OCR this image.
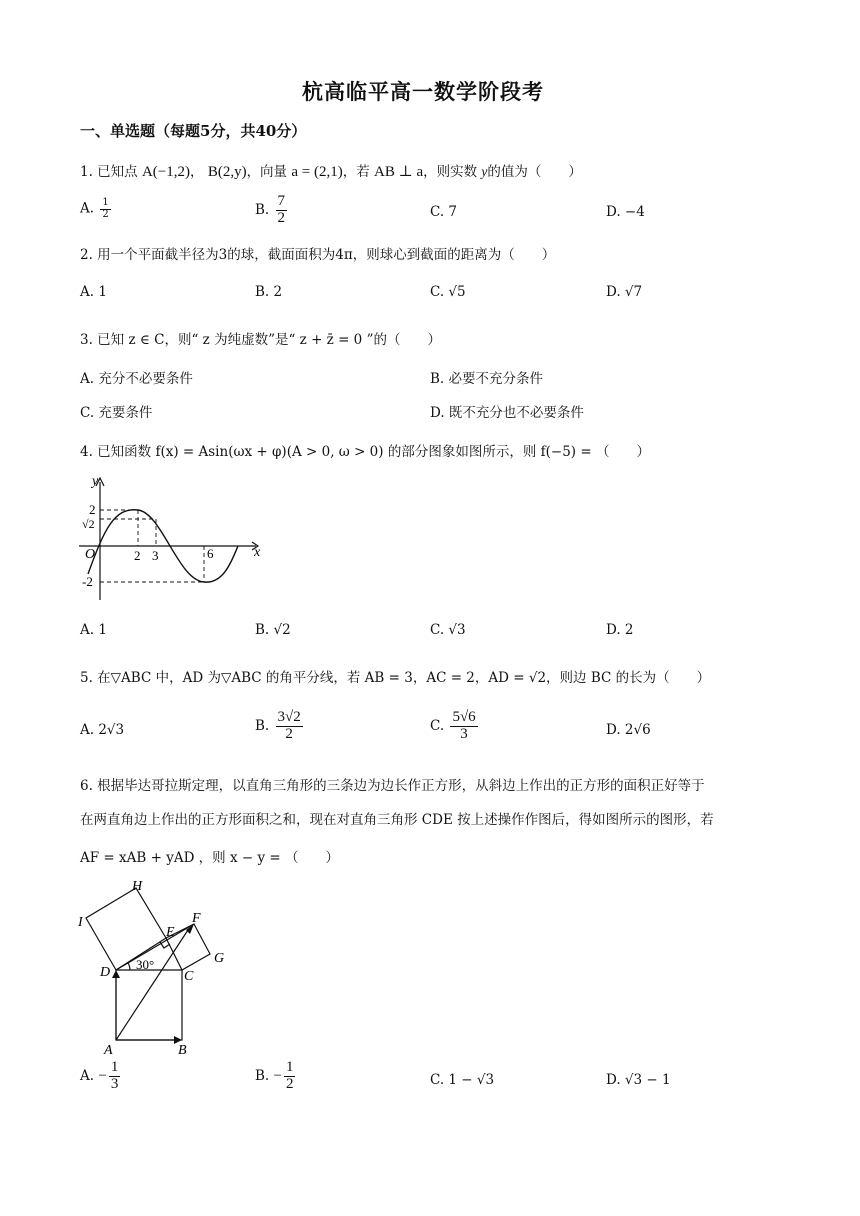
杭高临平高一数学阶段考
一、单选题（每题5分，共40分）
1. 已知点 A(−1,2)， B(2,y)，向量 a = (2,1)，若 AB ⊥ a，则实数 y的值为（　　）
A. $\frac{1}{2}$	B. $\frac{7}{2}$	C. 7	D. −4
2. 用一个平面截半径为3的球，截面面积为4π，则球心到截面的距离为（　　）
A. 1	B. 2	C. √5	D. √7
3. 已知 z ∈ C，则“ z 为纯虚数”是“ z + z̄ = 0 ”的（　　）
A. 充分不必要条件	B. 必要不充分条件
C. 充要条件	D. 既不充分也不必要条件
4. 已知函数 f(x) = Asin(ωx + φ)(A > 0, ω > 0) 的部分图象如图所示，则 f(−5) = （　　）
y
x
O
2
√2
2 3	6
-2
A. 1	B. √2	C. √3	D. 2
5. 在▽ABC 中，AD 为▽ABC 的角平分线，若 AB = 3，AC = 2，AD = √2，则边 BC 的长为（　　）
A. 2√3	B. $\frac{3√2}{2}$	C. $\frac{5√6}{3}$	D. 2√6
6. 根据毕达哥拉斯定理，以直角三角形的三条边为边长作正方形，从斜边上作出的正方形的面积正好等于
在两直角边上作出的正方形面积之和，现在对直角三角形 CDE 按上述操作作图后，得如图所示的图形，若
AF = xAB + yAD ，则 x − y = （　　）
H
I
E
F
G
D	C
A	B
30°
A. − $\frac{1}{3}$	B. − $\frac{1}{2}$	C. 1 − √3	D. √3 − 1
